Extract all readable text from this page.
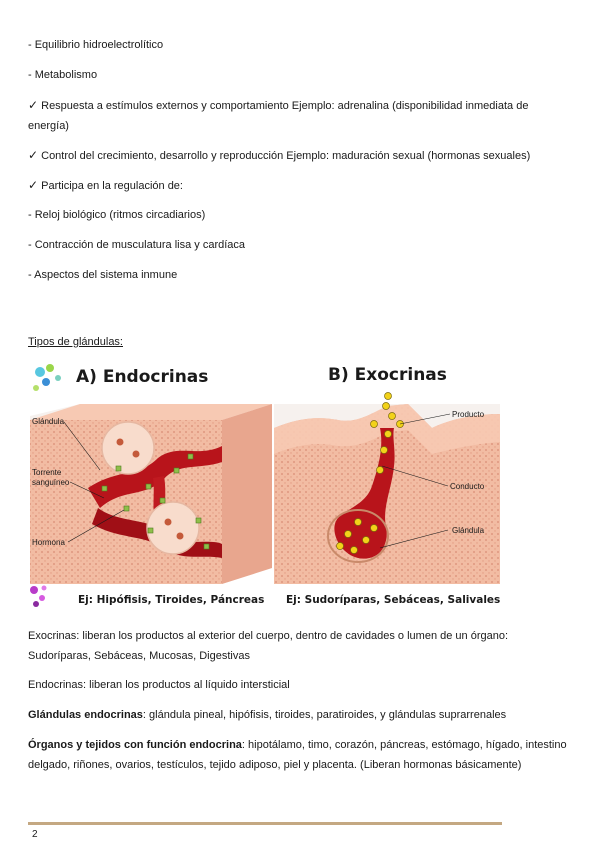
- Equilibrio hidroelectrolítico

- Metabolismo

✓ Respuesta a estímulos externos y comportamiento Ejemplo: adrenalina (disponibilidad inmediata de energía)

✓ Control del crecimiento, desarrollo y reproducción Ejemplo: maduración sexual (hormonas sexuales)

✓ Participa en la regulación de:

- Reloj biológico (ritmos circadiarios)

- Contracción de musculatura lisa y cardíaca

- Aspectos del sistema inmune

Tipos de glándulas:

Exocrinas: liberan los productos al exterior del cuerpo, dentro de cavidades o lumen de un órgano: Sudoríparas, Sebáceas, Mucosas, Digestivas

Endocrinas: liberan los productos al líquido intersticial

Glándulas endocrinas: glándula pineal, hipófisis, tiroides, paratiroides, y glándulas suprarrenales

Órganos y tejidos con función endocrina: hipotálamo, timo, corazón, páncreas, estómago, hígado, intestino delgado, riñones, ovarios, testículos, tejido adiposo, piel y placenta. (Liberan hormonas básicamente)

A) Endocrinas	B) Exocrinas
Glándula
Torrente
sanguíneo
Hormona
Producto
Conducto
Glándula
Ej: Hipófisis, Tiroides, Páncreas Ej: Sudoríparas, Sebáceas, Salivales
2
